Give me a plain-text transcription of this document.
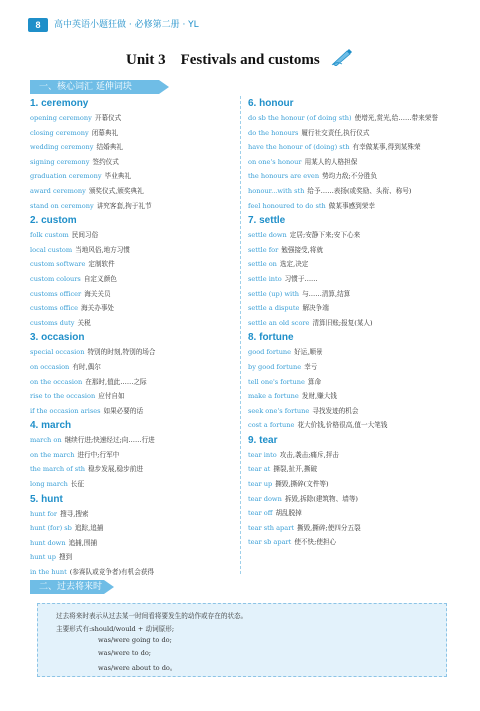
8	高中英语小题狂做 · 必修第二册 · YL
Unit 3    Festivals and customs
一、核心词汇 延伸词块
1. ceremony
opening ceremony 开幕仪式
closing ceremony 闭幕典礼
wedding ceremony 结婚典礼
signing ceremony 签约仪式
graduation ceremony 毕业典礼
award ceremony 颁奖仪式,颁奖典礼
stand on ceremony 讲究客套,拘于礼节
2. custom
folk custom 民间习俗
local custom 当地风俗,地方习惯
custom software 定制软件
custom colours 自定义颜色
customs officer 海关关员
customs office 海关办事处
customs duty 关税
3. occasion
special occasion 特别的时刻,特别的场合
on occasion 有时,偶尔
on the occasion 在那时,值此……之际
rise to the occasion 应付自如
if the occasion arises 如果必要的话
4. march
march on 继续行进;快速经过;向……行进
on the march 进行中;行军中
the march of sth 稳步发展,稳步前进
long march 长征
5. hunt
hunt for 搜寻,搜索
hunt (for) sb 追踪,追捕
hunt down 追捕,围捕
hunt up 搜到
in the hunt (参赛队或竞争者)有机会获得
6. honour
do sb the honour (of doing sth) 使增光,赏光,给……带来荣誉
do the honours 履行社交责任,执行仪式
have the honour of (doing) sth 有幸做某事,得到某殊荣
on one's honour 用某人的人格担保
the honours are even 势均力敌;不分胜负
honour...with sth 给予……表扬(或奖励、头衔、称号)
feel honoured to do sth 做某事感到荣幸
7. settle
settle down 定居;安静下来;安下心来
settle for 勉强接受,将就
settle on 选定,决定
settle into 习惯于……
settle (up) with 与……清算,结算
settle a dispute 解决争端
settle an old score 清算旧账;报复(某人)
8. fortune
good fortune 好运,顺景
by good fortune 幸亏
tell one's fortune 算命
make a fortune 发财,赚大钱
seek one's fortune 寻找发迹的机会
cost a fortune 花大价钱,价格很高,值一大笔钱
9. tear
tear into 攻击,袭击;痛斥,抨击
tear at 撕裂,扯开,撕破
tear up 撕毁,撕碎(文件等)
tear down 拆毁,拆除(建筑物、墙等)
tear off 胡乱脱掉
tear sth apart 撕毁,撕碎;使四分五裂
tear sb apart 使不快;使担心
二、过去将来时
过去将来时表示从过去某一时间看将要发生的动作或存在的状态。
主要形式有:should/would + 动词原形;
was/were going to do;
was/were to do;
was/were about to do。
